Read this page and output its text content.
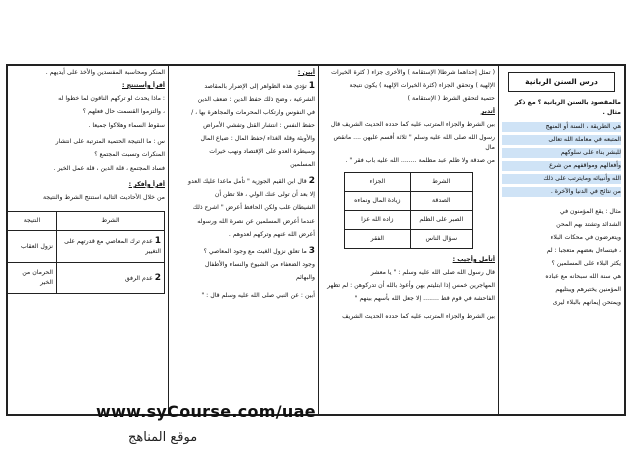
درس السنن الربانية

مالمقصود بالسنن الربانية ؟ مع ذكر مثال .

هي الطريقة ، السنة أو المنهج

المتبعه في معاملة الله تعالى

للبشر بناء على سلوكهم

وأفعالهم ومواقفهم من شرع

الله وأنبيائه ومايترتب على ذلك

من نتائج في الدنيا والآخرة .

مثال : يقع المؤمنون في

الشدائد وتشتد بهم المحن

ويتعرضون في محكات البلاء

، فيتساءل بعضهم متعجبا : لم

يكثر البلاء على المسلمين ؟

هي سنة الله سبحانه مع عباده

المؤمنين يختبرهم ويبتليهم

ويمتحن إيمانهم بالبلاء ليرى

( تمثل إحداهما شرطا( الإستقامة ) والأخرى جزاء ( كثرة الخيرات

الإلهية ) وتحقق الجزاء (كثرة الخيرات الإلهية ) يكون نتيجة

حتمية لتحقق الشرط ( الإستقامة )

أتدبر

بين الشرط والجزاء المترتب عليه كما حدده الحديث الشريف قال

رسول الله صلى الله عليه وسلم " ثلاثة أقسم عليهن .... مانقص مال

من صدقة ولا ظلم عبد مظلمة ........ الله عليه باب فقر " .

الشرط	الجزاء
الصدقة	زيادة المال ونماءه
الصبر على الظلم	زاده الله عزا
سؤال الناس	الفقر

أتأمل وأجيب :

قال رسول الله صلى الله عليه وسلم : " يا معشر

المهاجرين خمس إذا ابتليتم بهن وأعوذ بالله أن تدركوهن : لم تظهر

الفاحشة في قوم قط ........ إلا جعل الله بأسهم بينهم "

بين الشرط والجزاء المترتب عليه كما حدده الحديث الشريف

أبين :

1 تؤدي هذه الظواهر إلى الإضرار بالمقاصد

الشرعية ، وضح ذلك حفظ الدين : ضعف الدين

في النفوس وارتكاب المحرمات والمجاهرة بها ، /

حفظ النفس : انتشار القتل وتفشي الأمراض

والأوبئة وقلة الغذاء /حفظ المال : ضياع المال

وسيطرة العدو على الإقتصاد ونهب خيرات

المسلمين

2 قال ابن القيم الجوزية " تأمل ماعدا عليك العدو

إلا بعد أن تولى عنك الولي ، فلا تظن أن

الشيطان غلب ولكن الحافظ أعرض " اشرح ذلك

عندما أعرض المسلمين عن نصرة الله ورسوله

أعرض الله عنهم وتركهم لعدوهم .

3 ما تعلق نزول الغيث مع وجود المعاصي ؟

وجود الضعفاء من الشيوخ والنساء والأطفال

والبهائم

أبين : عن النبي صلى الله عليه وسلم قال : "

المنكر ومحاسبة المفسدين والأخذ على أيديهم .

أقرأ وأستنتج :

: ماذا يحدث لو تركهم الناقون لما خطوا له

، والتزموا القسمت حال فعلهم ؟

سقوط السماء وهلاكوا جميعا .

س : ما النتيجة الحتمية المترتبة على انتشار

المنكرات وتسبت المجتمع ؟

فساد المجتمع ، قلة الدين ، قلة عمل الخير .

أقرأ وأفكر :

من خلال الأحاديث التالية استنتج الشرط والنتيجة

الشرط	النتيجة
1 عدم ترك المعاصي مع قدرتهم على التغيير	نزول العقاب
2 عدم الرفق	الحرمان من الخير
www.syCourse.com/uae
موقع المناهج
